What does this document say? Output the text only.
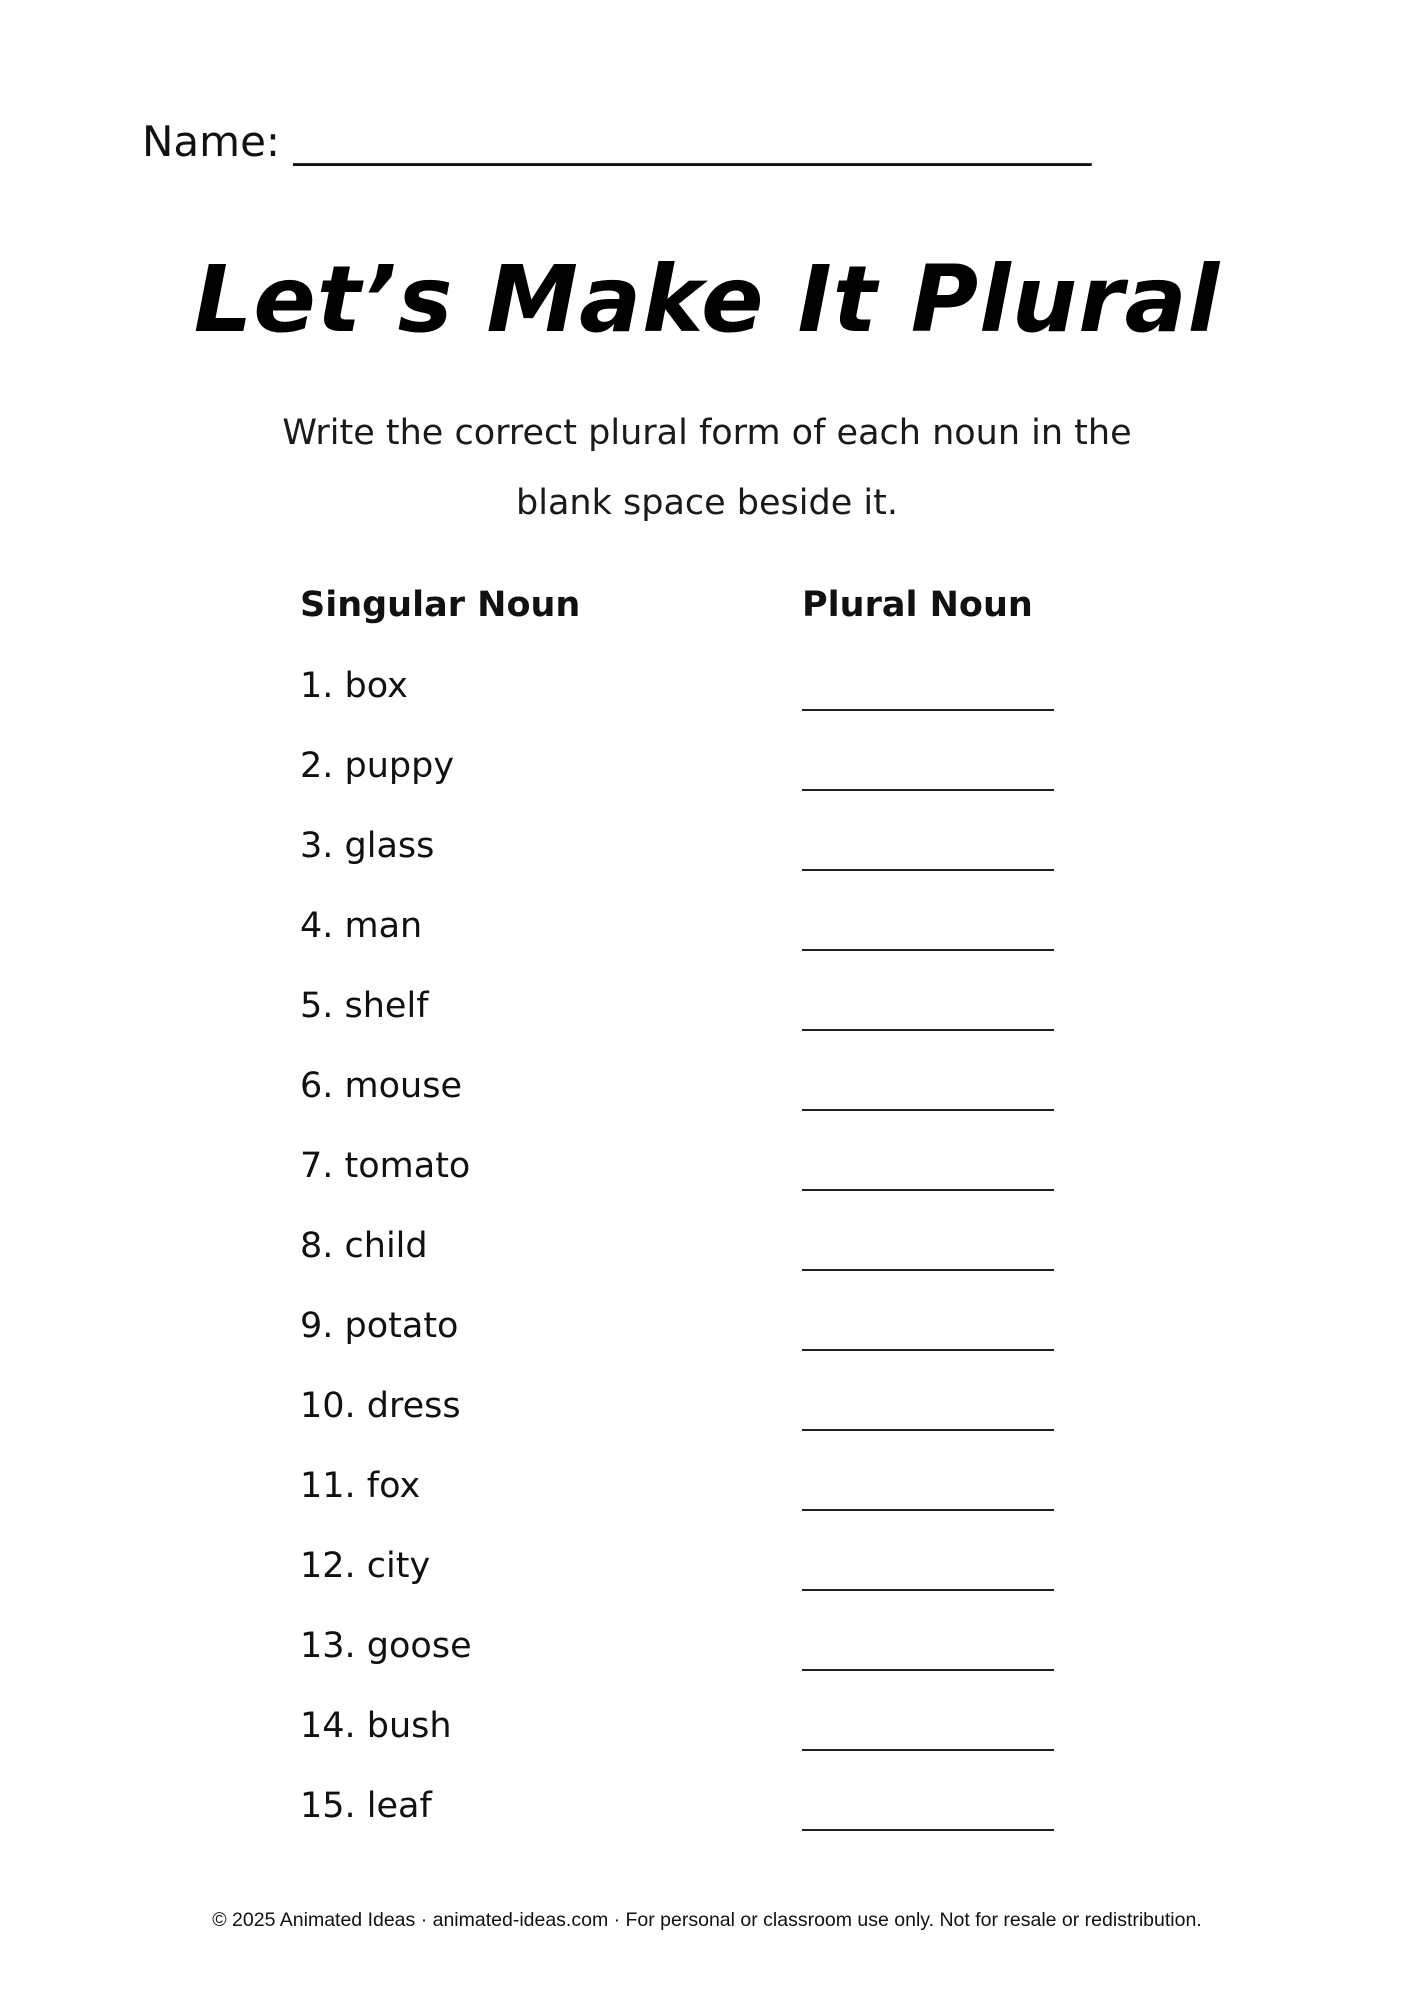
Name: ______________________________________
Let’s Make It Plural
Write the correct plural form of each noun in the blank space beside it.
Singular Noun	Plural Noun
1. box
2. puppy
3. glass
4. man
5. shelf
6. mouse
7. tomato
8. child
9. potato
10. dress
11. fox
12. city
13. goose
14. bush
15. leaf
© 2025 Animated Ideas · animated-ideas.com · For personal or classroom use only. Not for resale or redistribution.
